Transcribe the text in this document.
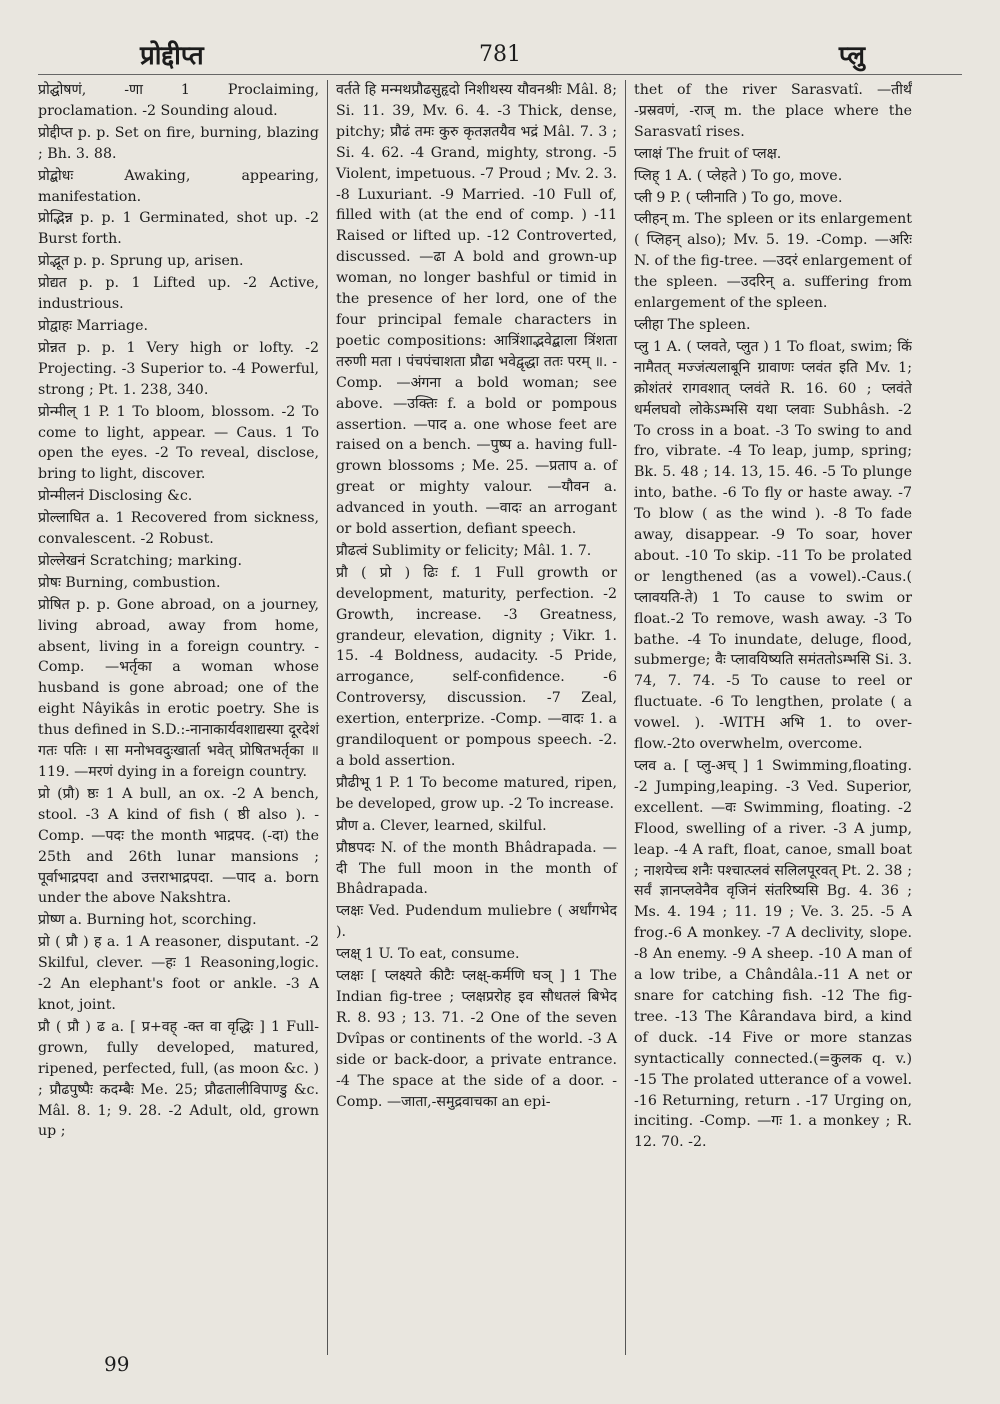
प्रोद्दीप्त	781	प्लु

प्रोद्घोषणं, -णा 1 Proclaiming, proclamation. -2 Sounding aloud.

प्रोद्दीप्त p. p. Set on fire, burning, blazing ; Bh. 3. 88.

प्रोद्बोधः Awaking, appearing, manifestation.

प्रोद्भिन्न p. p. 1 Germinated, shot up. -2 Burst forth.

प्रोद्भूत p. p. Sprung up, arisen.

प्रोद्यत p. p. 1 Lifted up. -2 Active, industrious.

प्रोद्वाहः Marriage.

प्रोन्नत p. p. 1 Very high or lofty. -2 Projecting. -3 Superior to. -4 Powerful, strong ; Pt. 1. 238, 340.

प्रोन्मील् 1 P. 1 To bloom, blossom. -2 To come to light, appear. — Caus. 1 To open the eyes. -2 To reveal, disclose, bring to light, discover.

प्रोन्मीलनं Disclosing &c.

प्रोल्लाघित a. 1 Recovered from sickness, convalescent. -2 Robust.

प्रोल्लेखनं Scratching; marking.

प्रोषः Burning, combustion.

प्रोषित p. p. Gone abroad, on a journey, living abroad, away from home, absent, living in a foreign country. -Comp. —भर्तृका a woman whose husband is gone abroad; one of the eight Nâyikâs in erotic poetry. She is thus defined in S.D.:-नानाकार्यवशाद्यस्या दूरदेशं गतः पतिः । सा मनोभवदुःखार्ता भवेत् प्रोषितभर्तृका ॥ 119. —मरणं dying in a foreign country.

प्रो (प्रौ) ष्ठः 1 A bull, an ox. -2 A bench, stool. -3 A kind of fish ( ष्ठी also ). -Comp. —पदः the month भाद्रपद. (-दा) the 25th and 26th lunar mansions ; पूर्वाभाद्रपदा and उत्तराभाद्रपदा. —पाद a. born under the above Nakshtra.

प्रोष्ण a. Burning hot, scorching.

प्रो ( प्रौ ) ह a. 1 A reasoner, disputant. -2 Skilful, clever. —हः 1 Reasoning,logic. -2 An elephant's foot or ankle. -3 A knot, joint.

प्रौ ( प्रौ ) ढ a. [ प्र+वह् -क्त वा वृद्धिः ] 1 Full-grown, fully developed, matured, ripened, perfected, full, (as moon &c. ) ; प्रौढपुष्पैः कदम्बैः Me. 25; प्रौढतालीविपाण्डु &c. Mâl. 8. 1; 9. 28. -2 Adult, old, grown up ;

वर्तते हि मन्मथप्रौढसुहृदो निशीथस्य यौवनश्रीः Mâl. 8; Si. 11. 39, Mv. 6. 4. -3 Thick, dense, pitchy; प्रौढं तमः कुरु कृतज्ञतयैव भद्रं Mâl. 7. 3 ; Si. 4. 62. -4 Grand, mighty, strong. -5 Violent, impetuous. -7 Proud ; Mv. 2. 3. -8 Luxuriant. -9 Married. -10 Full of, filled with (at the end of comp. ) -11 Raised or lifted up. -12 Controverted, discussed. —ढा A bold and grown-up woman, no longer bashful or timid in the presence of her lord, one of the four principal female characters in poetic compositions: आत्रिंशाद्भवेद्बाला त्रिंशता तरुणी मता । पंचपंचाशता प्रौढा भवेद्वृद्धा ततः परम् ॥. -Comp. —अंगना a bold woman; see above. —उक्तिः f. a bold or pompous assertion. —पाद a. one whose feet are raised on a bench. —पुष्प a. having full-grown blossoms ; Me. 25. —प्रताप a. of great or mighty valour. —यौवन a. advanced in youth. —वादः an arrogant or bold assertion, defiant speech.

प्रौढत्वं Sublimity or felicity; Mâl. 1. 7.

प्रौ ( प्रो ) ढिः f. 1 Full growth or development, maturity, perfection. -2 Growth, increase. -3 Greatness, grandeur, elevation, dignity ; Vikr. 1. 15. -4 Boldness, audacity. -5 Pride, arrogance, self-confidence. -6 Controversy, discussion. -7 Zeal, exertion, enterprize. -Comp. —वादः 1. a grandiloquent or pompous speech. -2. a bold assertion.

प्रौढीभू 1 P. 1 To become matured, ripen, be developed, grow up. -2 To increase.

प्रौण a. Clever, learned, skilful.

प्रौष्ठपदः N. of the month Bhâdrapada. —दी The full moon in the month of Bhâdrapada.

प्लक्षः Ved. Pudendum muliebre ( अर्धांगभेद ).

प्लक्ष् 1 U. To eat, consume.

प्लक्षः [ प्लक्ष्यते कीटैः प्लक्ष्-कर्मणि घञ् ] 1 The Indian fig-tree ; प्लक्षप्ररोह इव सौधतलं बिभेद R. 8. 93 ; 13. 71. -2 One of the seven Dvîpas or continents of the world. -3 A side or back-door, a private entrance. -4 The space at the side of a door. -Comp. —जाता,-समुद्रवाचका an epi-

thet of the river Sarasvatî. —तीर्थं -प्रस्रवणं, -राज् m. the place where the Sarasvatî rises.

प्लाक्षं The fruit of प्लक्ष.

प्लिह् 1 A. ( प्लेहते ) To go, move.

प्ली 9 P. ( प्लीनाति ) To go, move.

प्लीहन् m. The spleen or its enlargement ( प्लिहन् also); Mv. 5. 19. -Comp. —अरिः N. of the fig-tree. —उदरं enlargement of the spleen. —उदरिन् a. suffering from enlargement of the spleen.

प्लीहा The spleen.

प्लु 1 A. ( प्लवते, प्लुत ) 1 To float, swim; किं नामैतत् मज्जंत्यलाबूनि ग्रावाणः प्लवंत इति Mv. 1; क्रोशंतरं रागवशात् प्लवंते R. 16. 60 ; प्लवंते धर्मलघवो लोकेऽम्भसि यथा प्लवाः Subhâsh. -2 To cross in a boat. -3 To swing to and fro, vibrate. -4 To leap, jump, spring; Bk. 5. 48 ; 14. 13, 15. 46. -5 To plunge into, bathe. -6 To fly or haste away. -7 To blow ( as the wind ). -8 To fade away, disappear. -9 To soar, hover about. -10 To skip. -11 To be prolated or lengthened (as a vowel).-Caus.( प्लावयति-ते) 1 To cause to swim or float.-2 To remove, wash away. -3 To bathe. -4 To inundate, deluge, flood, submerge; वैः प्लावयिष्यति समंततोऽम्भसि Si. 3. 74, 7. 74. -5 To cause to reel or fluctuate. -6 To lengthen, prolate ( a vowel. ). -WITH अभि 1. to over-flow.-2to overwhelm, overcome.

प्लव a. [ प्लु-अच् ] 1 Swimming,floating. -2 Jumping,leaping. -3 Ved. Superior, excellent. —वः Swimming, floating. -2 Flood, swelling of a river. -3 A jump, leap. -4 A raft, float, canoe, small boat ; नाशयेच्च शनैः पश्चात्प्लवं सलिलपूरवत् Pt. 2. 38 ; सर्वं ज्ञानप्लवेनैव वृजिनं संतरिष्यसि Bg. 4. 36 ; Ms. 4. 194 ; 11. 19 ; Ve. 3. 25. -5 A frog.-6 A monkey. -7 A declivity, slope. -8 An enemy. -9 A sheep. -10 A man of a low tribe, a Chândâla.-11 A net or snare for catching fish. -12 The fig-tree. -13 The Kârandava bird, a kind of duck. -14 Five or more stanzas syntactically connected.(=कुलक q. v.) -15 The prolated utterance of a vowel. -16 Returning, return . -17 Urging on, inciting. -Comp. —गः 1. a monkey ; R. 12. 70. -2.

99
